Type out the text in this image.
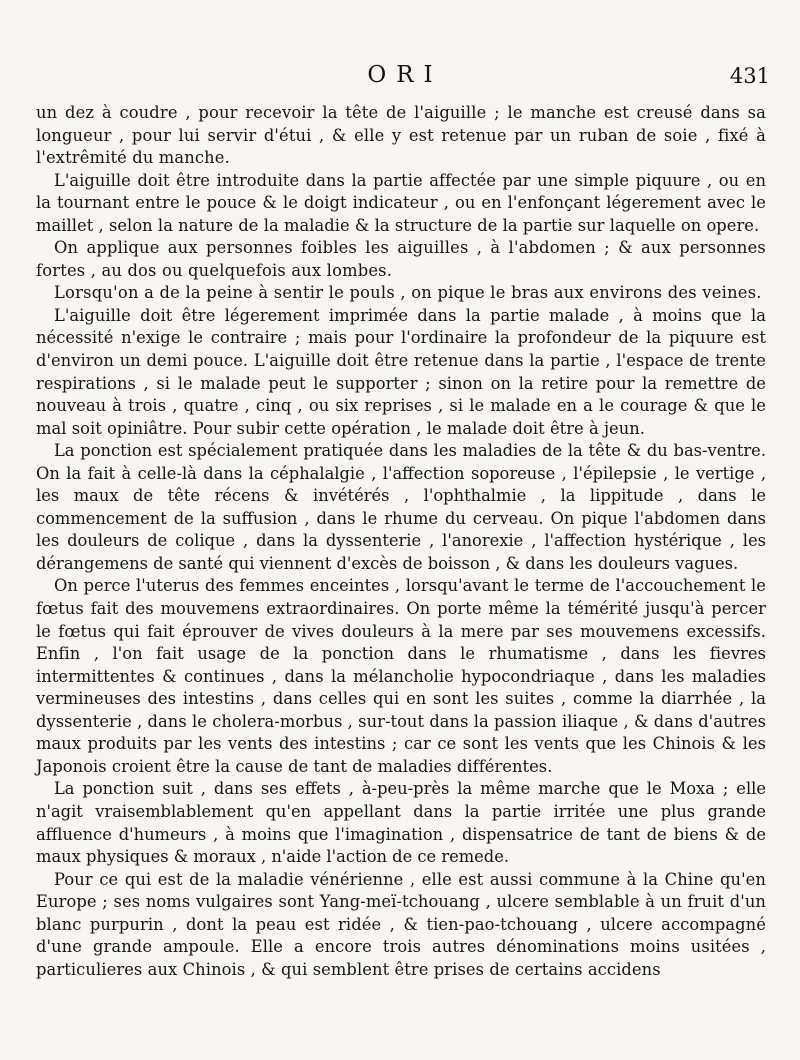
ORI	431

un dez à coudre , pour recevoir la tête de l'aiguille ; le manche est creusé dans sa longueur , pour lui servir d'étui , & elle y est retenue par un ruban de soie , fixé à l'extrêmité du manche.

L'aiguille doit être introduite dans la partie affectée par une simple piquure , ou en la tournant entre le pouce & le doigt indicateur , ou en l'enfonçant légerement avec le maillet , selon la nature de la maladie & la structure de la partie sur laquelle on opere.

On applique aux personnes foibles les aiguilles , à l'abdomen ; & aux personnes fortes , au dos ou quelquefois aux lombes.

Lorsqu'on a de la peine à sentir le pouls , on pique le bras aux environs des veines.

L'aiguille doit être légerement imprimée dans la partie malade , à moins que la nécessité n'exige le contraire ; mais pour l'ordinaire la profondeur de la piquure est d'environ un demi pouce. L'aiguille doit être retenue dans la partie , l'espace de trente respirations , si le malade peut le supporter ; sinon on la retire pour la remettre de nouveau à trois , quatre , cinq , ou six reprises , si le malade en a le courage & que le mal soit opiniâtre. Pour subir cette opération , le malade doit être à jeun.

La ponction est spécialement pratiquée dans les maladies de la tête & du bas-ventre. On la fait à celle-là dans la céphalalgie , l'affection soporeuse , l'épilepsie , le vertige , les maux de tête récens & invétérés , l'ophthalmie , la lippitude , dans le commencement de la suffusion , dans le rhume du cerveau. On pique l'abdomen dans les douleurs de colique , dans la dyssenterie , l'anorexie , l'affection hystérique , les dérangemens de santé qui viennent d'excès de boisson , & dans les douleurs vagues.

On perce l'uterus des femmes enceintes , lorsqu'avant le terme de l'accouchement le fœtus fait des mouvemens extraordinaires. On porte même la témérité jusqu'à percer le fœtus qui fait éprouver de vives douleurs à la mere par ses mouvemens excessifs. Enfin , l'on fait usage de la ponction dans le rhumatisme , dans les fievres intermittentes & continues , dans la mélancholie hypocondriaque , dans les maladies vermineuses des intestins , dans celles qui en sont les suites , comme la diarrhée , la dyssenterie , dans le cholera-morbus , sur-tout dans la passion iliaque , & dans d'autres maux produits par les vents des intestins ; car ce sont les vents que les Chinois & les Japonois croient être la cause de tant de maladies différentes.

La ponction suit , dans ses effets , à-peu-près la même marche que le Moxa ; elle n'agit vraisemblablement qu'en appellant dans la partie irritée une plus grande affluence d'humeurs , à moins que l'imagination , dispensatrice de tant de biens & de maux physiques & moraux , n'aide l'action de ce remede.

Pour ce qui est de la maladie vénérienne , elle est aussi commune à la Chine qu'en Europe ; ses noms vulgaires sont Yang-meï-tchouang , ulcere semblable à un fruit d'un blanc purpurin , dont la peau est ridée , & tien-pao-tchouang , ulcere accompagné d'une grande ampoule. Elle a encore trois autres dénominations moins usitées , particulieres aux Chinois , & qui semblent être prises de certains accidens
